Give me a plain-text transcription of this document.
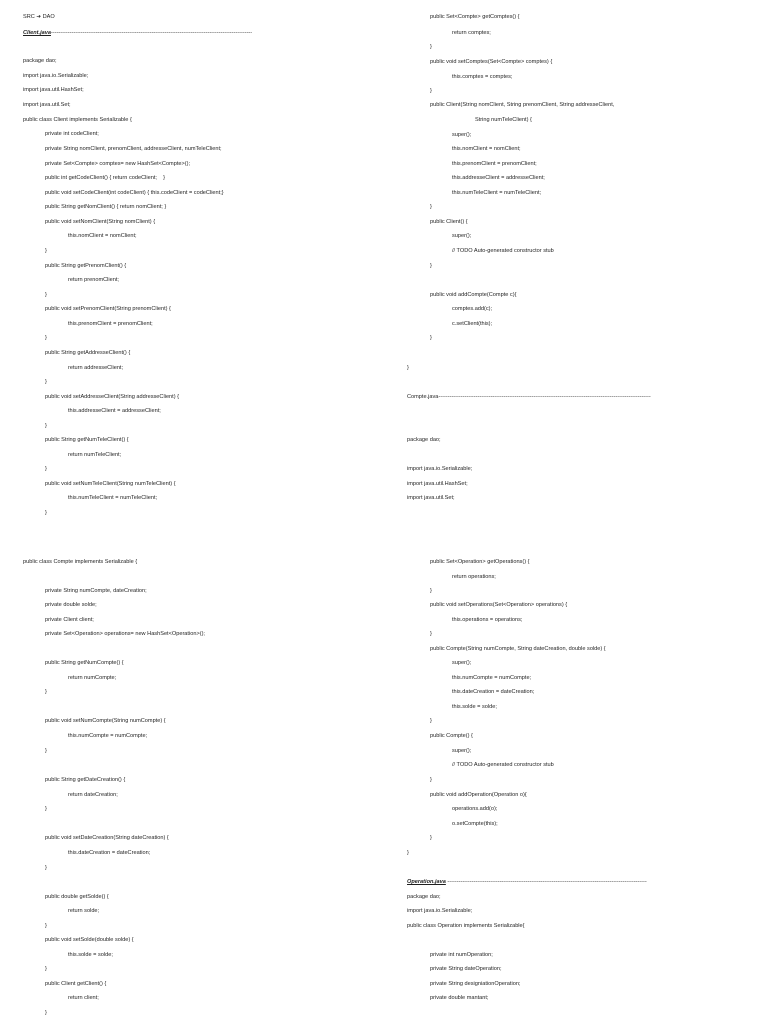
SRC ➔ DAO
Client.java------------------------------------------------------------------------------------------------------------
package dao;
import java.io.Serializable;
import java.util.HashSet;
import java.util.Set;
public class Client implements Serializable {
private int codeClient;
private String nomClient, prenomClient, addresseClient, numTeleClient;
private Set<Compte> comptes= new HashSet<Compte>();
public int getCodeClient() { return codeClient;    }
public void setCodeClient(int codeClient) { this.codeClient = codeClient;}
public String getNomClient() { return nomClient; }
public void setNomClient(String nomClient) {
this.nomClient = nomClient;
}
public String getPrenomClient() {
return prenomClient;
}
public void setPrenomClient(String prenomClient) {
this.prenomClient = prenomClient;
}
public String getAddresseClient() {
return addresseClient;
}
public void setAddresseClient(String addresseClient) {
this.addresseClient = addresseClient;
}
public String getNumTeleClient() {
return numTeleClient;
}
public void setNumTeleClient(String numTeleClient) {
this.numTeleClient = numTeleClient;
}
public Set<Compte> getComptes() {
return comptes;
}
public void setComptes(Set<Compte> comptes) {
this.comptes = comptes;
}
public Client(String nomClient, String prenomClient, String addresseClient,
String numTeleClient) {
super();
this.nomClient = nomClient;
this.prenomClient = prenomClient;
this.addresseClient = addresseClient;
this.numTeleClient = numTeleClient;
}
public Client() {
super();
// TODO Auto-generated constructor stub
}
public void addCompte(Compte c){
comptes.add(c);
c.setClient(this);
}
}
Compte.java------------------------------------------------------------------------------------------------------------------
package dao;
import java.io.Serializable;
import java.util.HashSet;
import java.util.Set;
public class Compte implements Serializable {
private String numCompte, dateCreation;
private double solde;
private Client client;
private Set<Operation> operations= new HashSet<Operation>();
public String getNumCompte() {
return numCompte;
}
public void setNumCompte(String numCompte) {
this.numCompte = numCompte;
}
public String getDateCreation() {
return dateCreation;
}
public void setDateCreation(String dateCreation) {
this.dateCreation = dateCreation;
}
public double getSolde() {
return solde;
}
public void setSolde(double solde) {
this.solde = solde;
}
public Client getClient() {
return client;
}
public Set<Operation> getOperations() {
return operations;
}
public void setOperations(Set<Operation> operations) {
this.operations = operations;
}
public Compte(String numCompte, String dateCreation, double solde) {
super();
this.numCompte = numCompte;
this.dateCreation = dateCreation;
this.solde = solde;
}
public Compte() {
super();
// TODO Auto-generated constructor stub
}
public void addOperation(Operation o){
operations.add(o);
o.setCompte(this);
}
}
Operation.java -----------------------------------------------------------------------------------------------------------
package dao;
import java.io.Serializable;
public class Operation implements Serializable{
private int numOperation;
private String dateOperation;
private String designiationOperation;
private double mantant;
